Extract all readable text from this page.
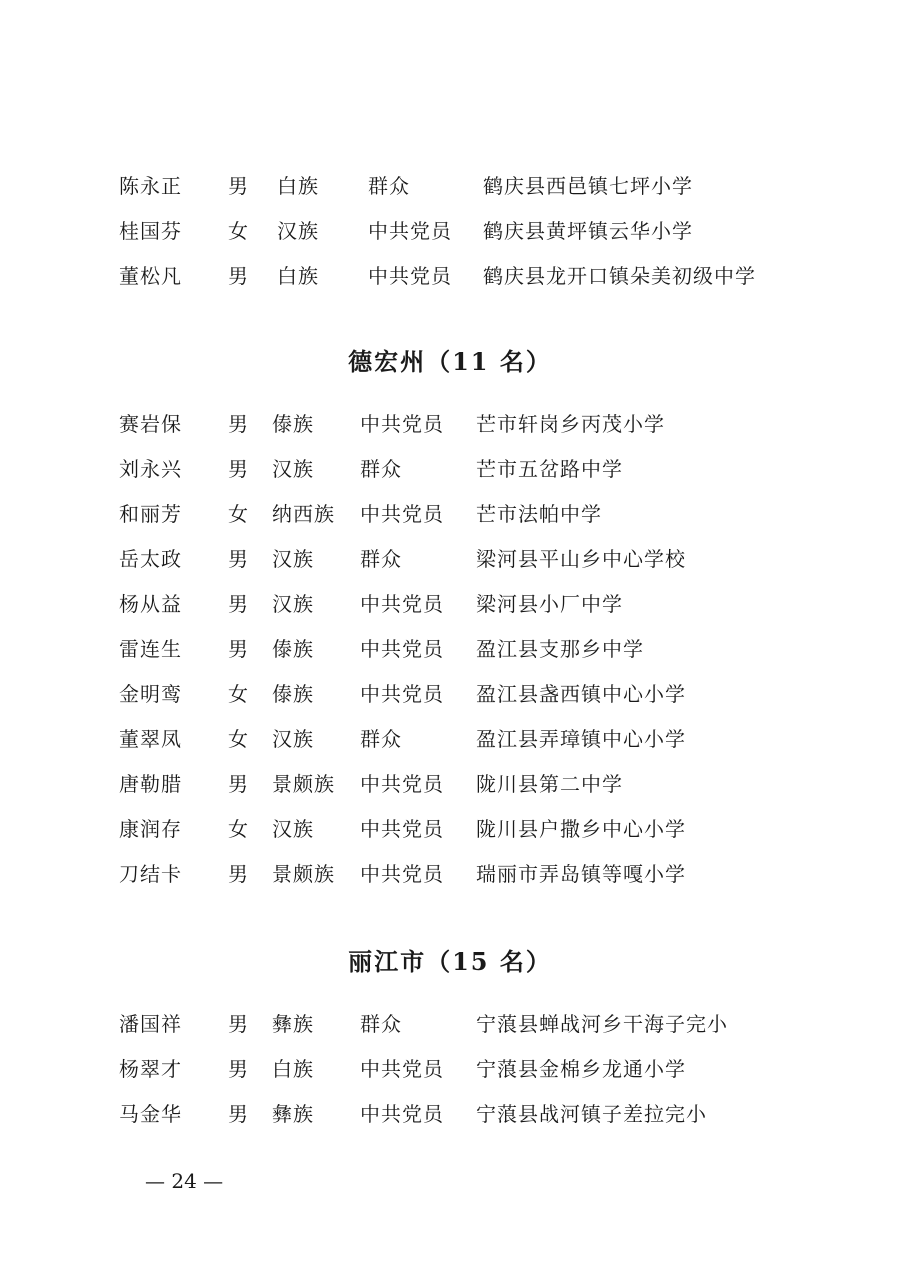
陈永正 男 白族 群众	鹤庆县西邑镇七坪小学
桂国芬 女 汉族 中共党员 鹤庆县黄坪镇云华小学
董松凡 男 白族 中共党员 鹤庆县龙开口镇朵美初级中学
德宏州（11 名）
赛岩保 男 傣族 中共党员 芒市轩岗乡丙茂小学
刘永兴 男 汉族 群众	芒市五岔路中学
和丽芳 女 纳西族 中共党员 芒市法帕中学
岳太政 男 汉族 群众	梁河县平山乡中心学校
杨从益 男 汉族 中共党员 梁河县小厂中学
雷连生 男 傣族 中共党员 盈江县支那乡中学
金明鸾 女 傣族 中共党员 盈江县盏西镇中心小学
董翠凤 女 汉族 群众	盈江县弄璋镇中心小学
唐勒腊 男 景颇族 中共党员 陇川县第二中学
康润存 女 汉族 中共党员 陇川县户撒乡中心小学
刀结卡 男 景颇族 中共党员 瑞丽市弄岛镇等嘎小学
丽江市（15 名）
潘国祥 男 彝族 群众	宁蒗县蝉战河乡干海子完小
杨翠才 男 白族 中共党员 宁蒗县金棉乡龙通小学
马金华 男 彝族 中共党员 宁蒗县战河镇子差拉完小
— 24 —
